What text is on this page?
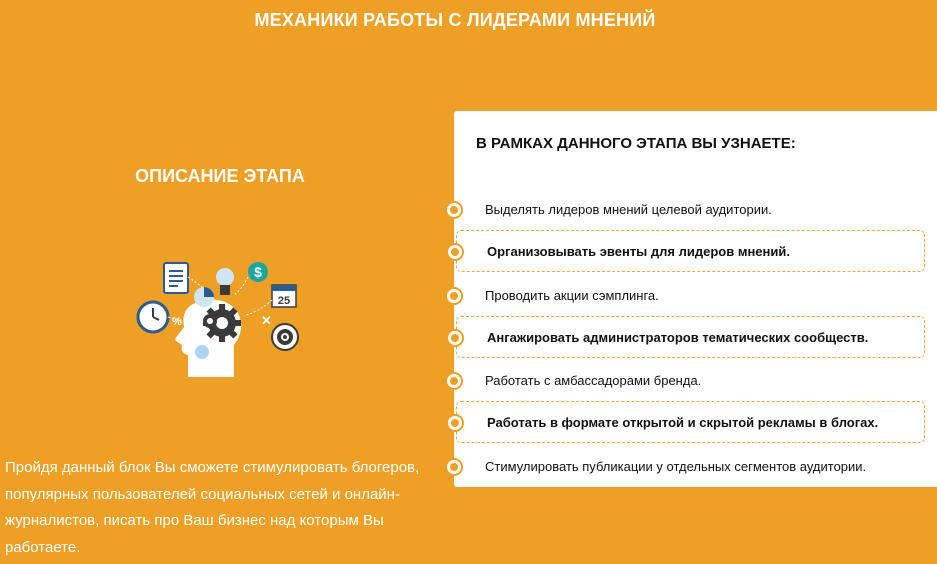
МЕХАНИКИ РАБОТЫ С ЛИДЕРАМИ МНЕНИЙ
ОПИСАНИЕ ЭТАПА
$
25
%	✕
Пройдя данный блок Вы сможете стимулировать блогеров, популярных пользователей социальных сетей и онлайн-журналистов, писать про Ваш бизнес над которым Вы работаете.
В РАМКАХ ДАННОГО ЭТАПА ВЫ УЗНАЕТЕ:
Выделять лидеров мнений целевой аудитории.
Организовывать эвенты для лидеров мнений.
Проводить акции сэмплинга.
Ангажировать администраторов тематических сообществ.
Работать с амбассадорами бренда.
Работать в формате открытой и скрытой рекламы в блогах.
Стимулировать публикации у отдельных сегментов аудитории.
